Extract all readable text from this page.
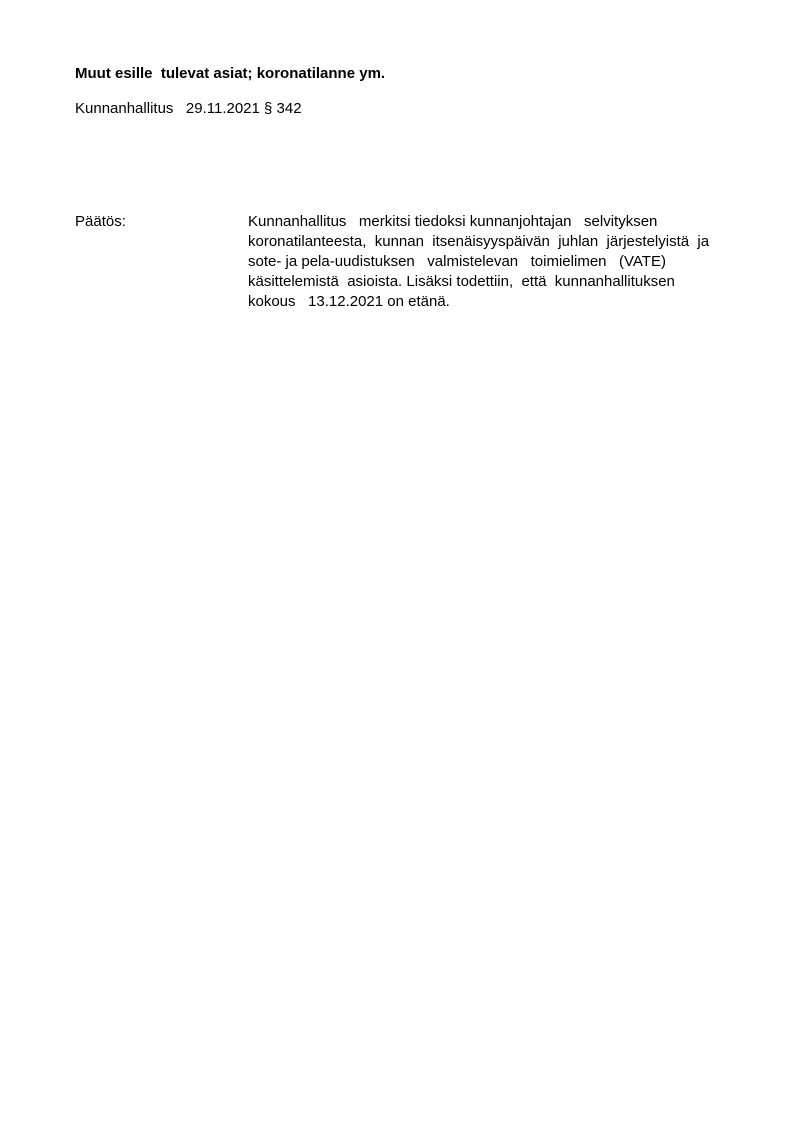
Muut esille  tulevat asiat; koronatilanne ym.
Kunnanhallitus   29.11.2021 § 342
Päätös:	Kunnanhallitus   merkitsi tiedoksi kunnanjohtajan   selvityksen
koronatilanteesta,  kunnan  itsenäisyyspäivän  juhlan  järjestelyistä  ja
sote- ja pela-uudistuksen   valmistelevan   toimielimen   (VATE)
käsittelemistä  asioista. Lisäksi todettiin,  että  kunnanhallituksen
kokous   13.12.2021 on etänä.
